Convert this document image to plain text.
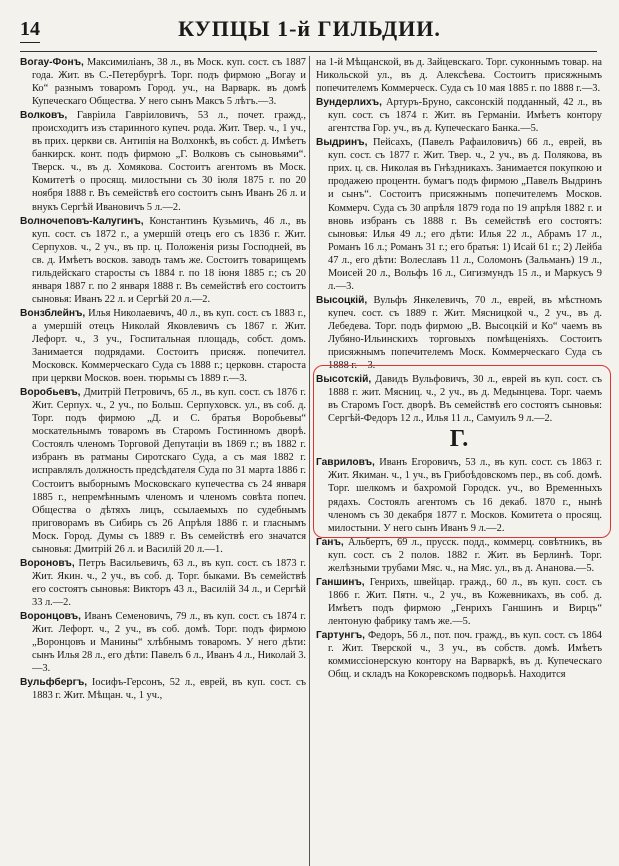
14	КУПЦЫ 1-й ГИЛЬДИИ.

Вогау-Фонъ, Максимиліанъ, 38 л., въ Моск. куп. сост. съ 1887 года. Жит. въ С.-Петербургѣ. Торг. подъ фирмою „Вогау и Ко“ разнымъ товаромъ Город. уч., на Варварк. въ домѣ Купеческаго Общества. У него сынъ Максъ 5 лѣтъ.—3.

Волковъ, Гавріила Гавріиловичъ, 53 л., почет. гражд., происходитъ изъ старинного купеч. рода. Жит. Твер. ч., 1 уч., въ прих. церкви св. Антипія на Волхонкѣ, въ собст. д. Имѣетъ банкирск. конт. подъ фирмою „Г. Волковъ съ сыновьями“. Тверск. ч., въ д. Хомякова. Состоитъ агентомъ въ Моск. Комитетѣ о просящ. милостыни съ 30 іюля 1875 г. по 20 ноября 1888 г. Въ семействѣ его состоитъ сынъ Иванъ 26 л. и внукъ Сергѣй Ивановичъ 5 л.—2.

Волночеповъ-Калугинъ, Константинъ Кузьмичъ, 46 л., въ куп. сост. съ 1872 г., а умершій отецъ его съ 1836 г. Жит. Серпухов. ч., 2 уч., въ пр. ц. Положенія ризы Господней, въ св. д. Имѣетъ восков. заводъ тамъ же. Состоитъ товарищемъ гильдейскаго старосты съ 1884 г. по 18 іюня 1885 г.; съ 20 января 1887 г. по 2 января 1888 г. Въ семействѣ его состоитъ сыновья: Иванъ 22 л. и Сергѣй 20 л.—2.

Вонзблейнъ, Илья Николаевичъ, 40 л., въ куп. сост. съ 1883 г., а умершій отецъ Николай Яковлевичъ съ 1867 г. Жит. Лефорт. ч., 3 уч., Госпитальная площадь, собст. домъ. Занимается подрядами. Состоитъ присяж. попечител. Московск. Коммерческаго Суда съ 1888 г.; церковн. староста при церкви Москов. воен. тюрьмы съ 1889 г.—3.

Воробьевъ, Дмитрій Петровичъ, 65 л., въ куп. сост. съ 1876 г. Жит. Серпух. ч., 2 уч., по Больш. Серпуховск. ул., въ соб. д. Торг. подъ фирмою „Д. и С. братья Воробьевы“ москательнымъ товаромъ въ Старомъ Гостинномъ дворѣ. Состоялъ членомъ Торговой Депутаціи въ 1869 г.; въ 1882 г. избранъ въ ратманы Сиротскаго Суда, а съ мая 1882 г. исправлялъ должность предсѣдателя Суда по 31 марта 1886 г. Состоитъ выборнымъ Московскаго купечества съ 24 января 1885 г., непремѣннымъ членомъ и членомъ совѣта попеч. Общества о дѣтяхъ лицъ, ссылаемыхъ по судебнымъ приговорамъ въ Сибирь съ 26 Апрѣля 1886 г. и гласнымъ Моск. Город. Думы съ 1889 г. Въ семействѣ его значатся сыновья: Дмитрій 26 л. и Василій 20 л.—1.

Вороновъ, Петръ Васильевичъ, 63 л., въ куп. сост. съ 1873 г. Жит. Якин. ч., 2 уч., въ соб. д. Торг. быками. Въ семействѣ его состоятъ сыновья: Викторъ 43 л., Василій 34 л., и Сергѣй 33 л.—2.

Воронцовъ, Иванъ Семеновичъ, 79 л., въ куп. сост. съ 1874 г. Жит. Лефорт. ч., 2 уч., въ соб. домѣ. Торг. подъ фирмою „Воронцовъ и Манины“ хлѣбнымъ товаромъ. У него дѣти: сынъ Илья 28 л., его дѣти: Павелъ 6 л., Иванъ 4 л., Николай 3.—3.

Вульфбергъ, Іосифъ-Герсонъ, 52 л., еврей, въ куп. сост. съ 1883 г. Жит. Мѣщан. ч., 1 уч.,

на 1-й Мѣщанской, въ д. Зайцевскаго. Торг. суконнымъ товар. на Никольской ул., въ д. Алексѣева. Состоитъ присяжнымъ попечителемъ Коммерческ. Суда съ 10 мая 1885 г. по 1888 г.—3.

Вундерлихъ, Артуръ-Бруно, саксонскій подданный, 42 л., въ куп. сост. съ 1874 г. Жит. въ Германіи. Имѣетъ контору агентства Гор. уч., въ д. Купеческаго Банка.—5.

Выдринъ, Пейсахъ, (Павелъ Рафаиловичъ) 66 л., еврей, въ куп. сост. съ 1877 г. Жит. Твер. ч., 2 уч., въ д. Полякова, въ прих. ц. св. Николая въ Гнѣздникахъ. Занимается покупкою и продажею процентн. бумагъ подъ фирмою „Павелъ Выдринъ и сынъ“. Состоитъ присяжнымъ попечителемъ Москов. Коммерч. Суда съ 30 апрѣля 1879 года по 19 апрѣля 1882 г. и вновь избранъ съ 1888 г. Въ семействѣ его состоятъ: сыновья: Илья 49 л.; его дѣти: Илья 22 л., Абрамъ 17 л., Романъ 16 л.; Романъ 31 г.; его братья: 1) Исай 61 г.; 2) Лейба 47 л., его дѣти: Волеславъ 11 л., Соломонъ (Зальманъ) 19 л., Моисей 20 л., Вольфъ 16 л., Сигизмундъ 15 л., и Маркусъ 9 л.—3.

Высоцкій, Вульфъ Янкелевичъ, 70 л., еврей, въ мѣстномъ купеч. сост. съ 1889 г. Жит. Мясницкой ч., 2 уч., въ д. Лебедева. Торг. подъ фирмою „В. Высоцкій и Ко“ чаемъ въ Лубяно-Ильинскихъ торговыхъ помѣщеніяхъ. Состоитъ присяжнымъ попечителемъ Моск. Коммерческаго Суда съ 1888 г.—3.

Высотскій, Давидъ Вульфовичъ, 30 л., еврей въ куп. сост. съ 1888 г. жит. Мясниц. ч., 2 уч., въ д. Медынцева. Торг. чаемъ въ Старомъ Гост. дворѣ. Въ семействѣ его состоятъ сыновья: Сергѣй-Федоръ 12 л., Илья 11 л., Самуилъ 9 л.—2.

Г.

Гавриловъ, Иванъ Егоровичъ, 53 л., въ куп. сост. съ 1863 г. Жит. Якиман. ч., 1 уч., въ Грибоѣдовскомъ пер., въ соб. домѣ. Торг. шелкомъ и бахромой Городск. уч., во Временныхъ рядахъ. Состоялъ агентомъ съ 16 декаб. 1870 г., нынѣ членомъ съ 30 декабря 1877 г. Москов. Комитета о просящ. милостыни. У него сынъ Иванъ 9 л.—2.

Ганъ, Альбертъ, 69 л., прусск. подд., коммерц. совѣтникъ, въ куп. сост. съ 2 полов. 1882 г. Жит. въ Берлинѣ. Торг. желѣзными трубами Мяс. ч., на Мяс. ул., въ д. Ананова.—5.

Ганшинъ, Генрихъ, швейцар. гражд., 60 л., въ куп. сост. съ 1866 г. Жит. Пятн. ч., 2 уч., въ Кожевникахъ, въ соб. д. Имѣетъ подъ фирмою „Генрихъ Ганшинъ и Вирцъ“ лентоную фабрику тамъ же.—5.

Гартунгъ, Федоръ, 56 л., пот. поч. гражд., въ куп. сост. съ 1864 г. Жит. Тверской ч., 3 уч., въ собств. домѣ. Имѣетъ коммиссіонерскую контору на Варваркѣ, въ д. Купеческаго Общ. и складъ на Кокоревскомъ подворьѣ. Находится
